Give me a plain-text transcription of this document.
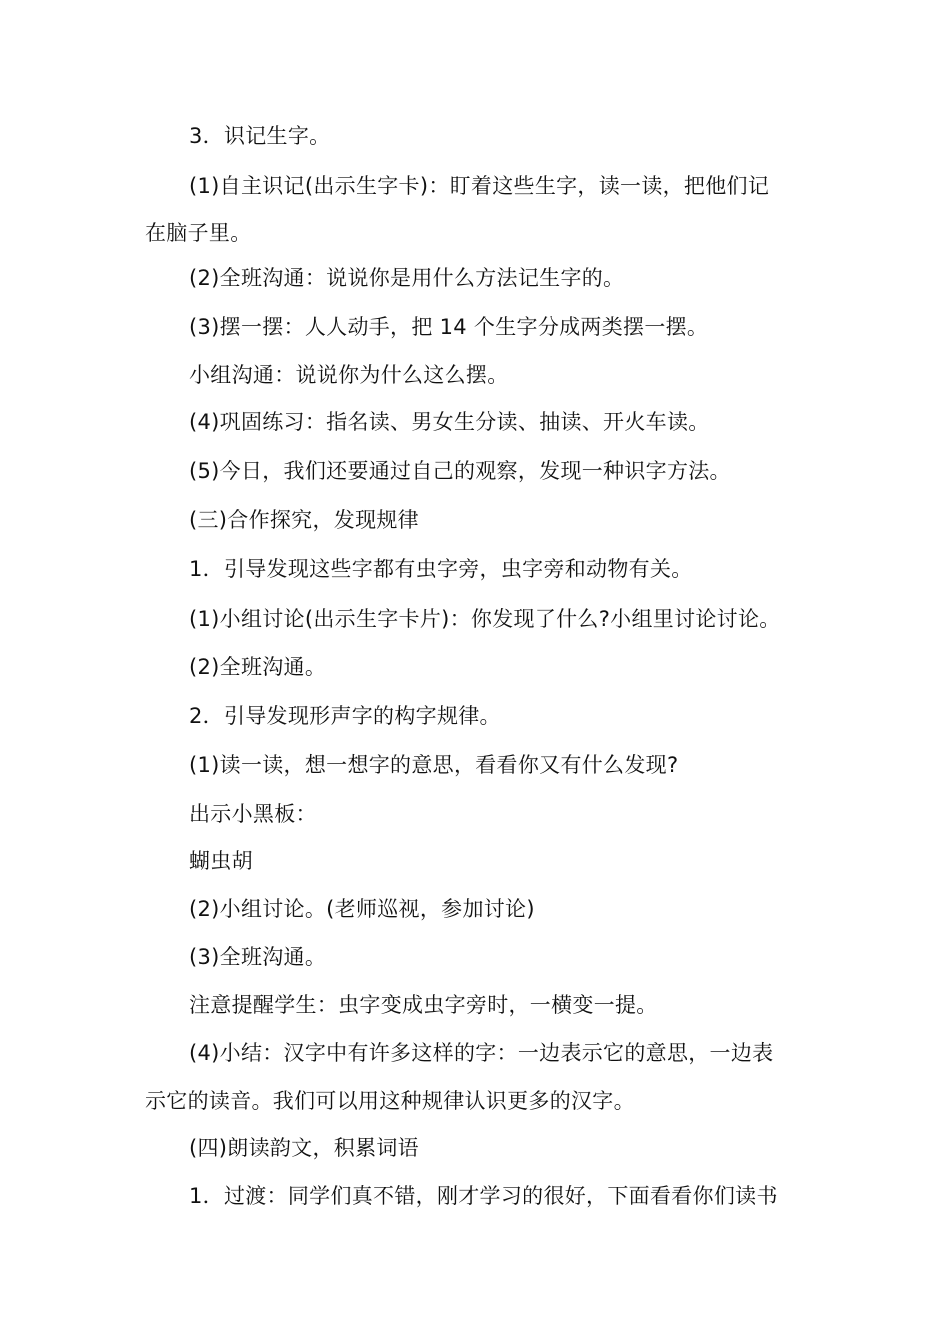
3．识记生字。
(1)自主识记(出示生字卡)：盯着这些生字，读一读，把他们记
在脑子里。
(2)全班沟通：说说你是用什么方法记生字的。
(3)摆一摆：人人动手，把 14 个生字分成两类摆一摆。
小组沟通：说说你为什么这么摆。
(4)巩固练习：指名读、男女生分读、抽读、开火车读。
(5)今日，我们还要通过自己的观察，发现一种识字方法。
(三)合作探究，发现规律
1．引导发现这些字都有虫字旁，虫字旁和动物有关。
(1)小组讨论(出示生字卡片)：你发现了什么?小组里讨论讨论。
(2)全班沟通。
2．引导发现形声字的构字规律。
(1)读一读，想一想字的意思，看看你又有什么发现?
出示小黑板：
蝴虫胡
(2)小组讨论。(老师巡视，参加讨论)
(3)全班沟通。
注意提醒学生：虫字变成虫字旁时，一横变一提。
(4)小结：汉字中有许多这样的字：一边表示它的意思，一边表
示它的读音。我们可以用这种规律认识更多的汉字。
(四)朗读韵文，积累词语
1．过渡：同学们真不错，刚才学习的很好，下面看看你们读书
